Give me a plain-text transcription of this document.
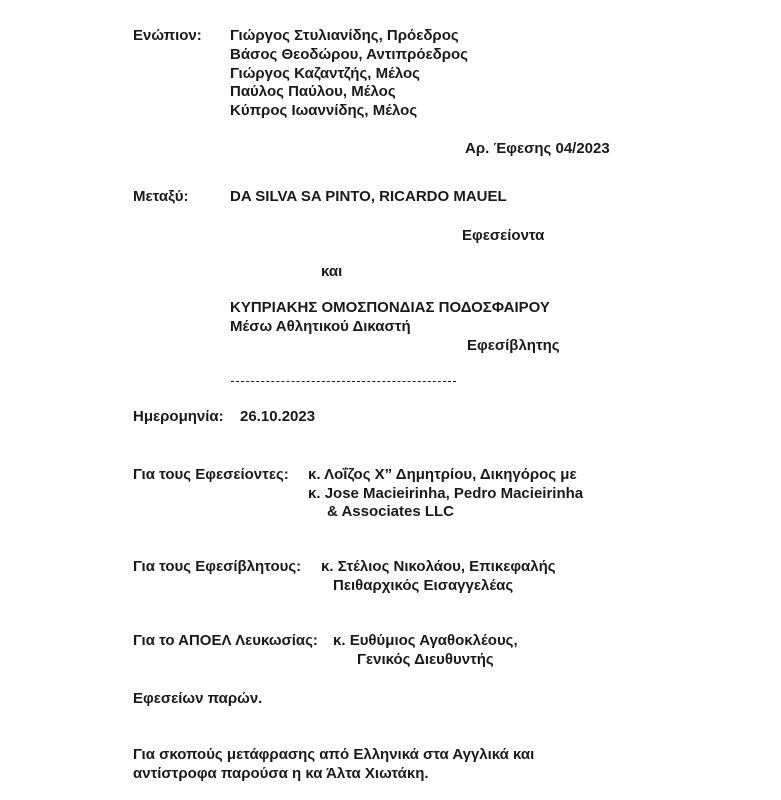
Ενώπιον: Γιώργος Στυλιανίδης, Πρόεδρος
Βάσος Θεοδώρου, Αντιπρόεδρος
Γιώργος Καζαντζής, Μέλος
Παύλος Παύλου, Μέλος
Κύπρος Ιωαννίδης, Μέλος
Αρ. Έφεσης 04/2023
Μεταξύ:	DA SILVA SA PINTO, RICARDO MAUEL
Εφεσείοντα
και
ΚΥΠΡΙΑΚΗΣ ΟΜΟΣΠΟΝΔΙΑΣ ΠΟΔΟΣΦΑΙΡΟΥ
Μέσω Αθλητικού Δικαστή
Εφεσίβλητης
Ημερομηνία: 26.10.2023
Για τους Εφεσείοντες: κ. Λοΐζος Χ” Δημητρίου, Δικηγόρος με
κ. Jose Macieirinha, Pedro Macieirinha
& Associates LLC
Για τους Εφεσίβλητους: κ. Στέλιος Νικολάου, Επικεφαλής
Πειθαρχικός Εισαγγελέας
Για το ΑΠΟΕΛ Λευκωσίας: κ. Ευθύμιος Αγαθοκλέους,
Γενικός Διευθυντής
Εφεσείων παρών.
Για σκοπούς μετάφρασης από Ελληνικά στα Αγγλικά και
αντίστροφα παρούσα η κα Άλτα Χιωτάκη.
